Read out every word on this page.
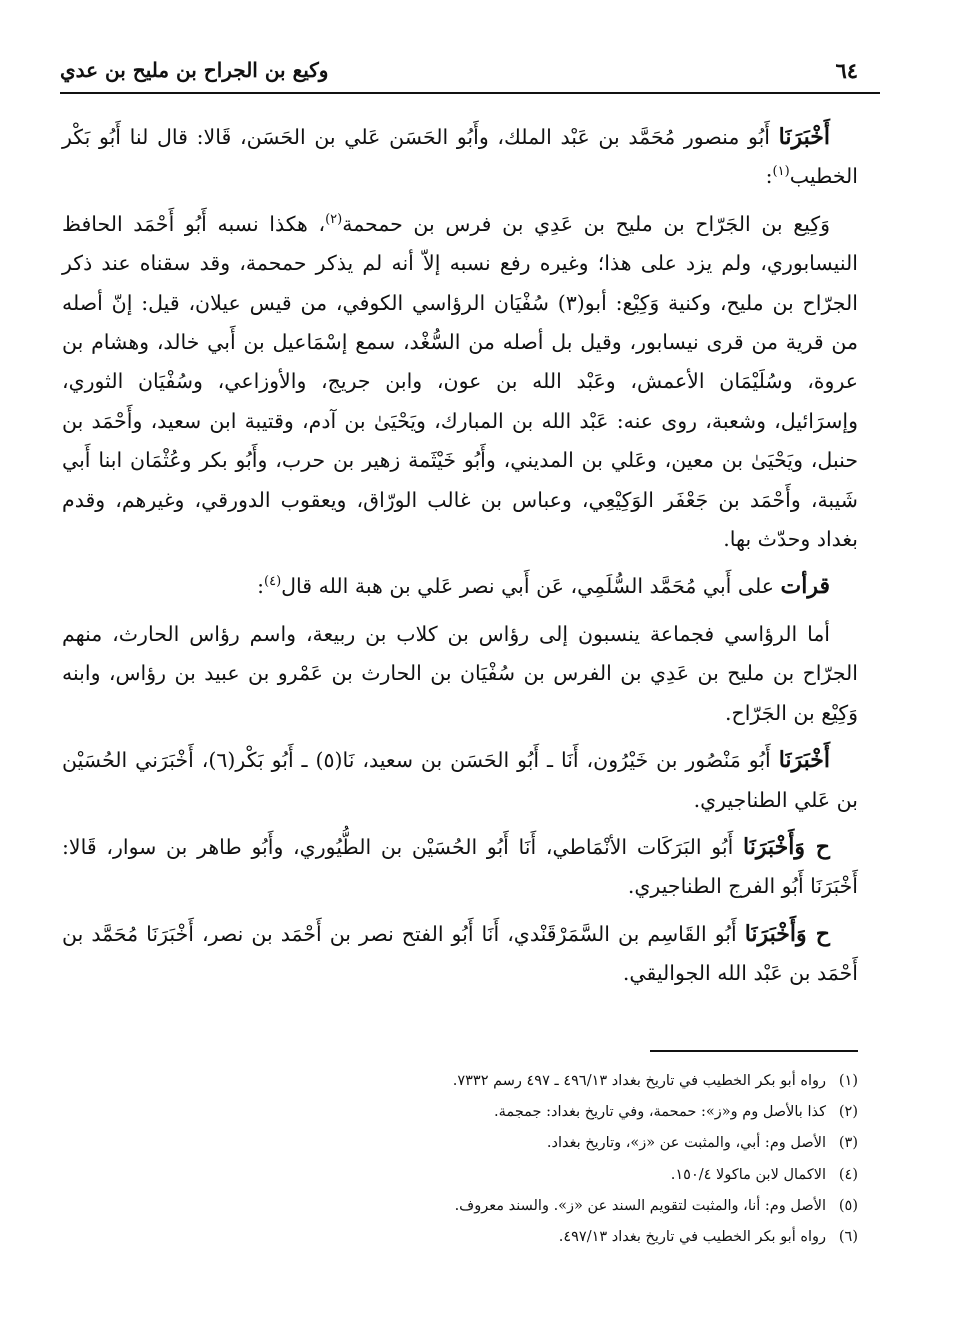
٦٤
وكيع بن الجراح بن مليح بن عدي

أَخْبَرَنَا أَبُو منصور مُحَمَّد بن عَبْد الملك، وأَبُو الحَسَن عَلي بن الحَسَن، قَالا: قال لنا أَبُو بَكْر الخطيب$^{(١)}$:

وَكِيع بن الجَرّاح بن مليح بن عَدِي بن فرس بن حمحمة$^{(٢)}$، هكذا نسبه أَبُو أَحْمَد الحافظ النيسابوري، ولم يزد على هذا؛ وغيره رفع نسبه إلاّ أنه لم يذكر حمحمة، وقد سقناه عند ذكر الجرّاح بن مليح، وكنية وَكِيْع: أبو(٣) سُفْيَان الرؤاسي الكوفي، من قيس عيلان، قيل: إنّ أصله من قرية من قرى نيسابور، وقيل بل أصله من السُّغْد، سمع إسْمَاعيل بن أَبي خالد، وهشام بن عروة، وسُلَيْمَان الأعمش، وعَبْد الله بن عون، وابن جريج، والأوزاعي، وسُفْيَان الثوري، وإسرَائيل، وشعبة، روى عنه: عَبْد الله بن المبارك، ويَحْيَىٰ بن آدم، وقتيبة ابن سعيد، وأَحْمَد بن حنبل، ويَحْيَىٰ بن معين، وعَلي بن المديني، وأَبُو خَيْثَمة زهير بن حرب، وأَبُو بكر وعُثْمَان ابنا أَبي شَيبة، وأَحْمَد بن جَعْفَر الوَكِيْعِي، وعباس بن غالب الورّاق، ويعقوب الدورقي، وغيرهم، وقدم بغداد وحدّث بها.

قرأت على أَبي مُحَمَّد السُّلَمِي، عَن أَبي نصر عَلي بن هبة الله قال$^{(٤)}$:

أما الرؤاسي فجماعة ينسبون إلى رؤاس بن كلاب بن ربيعة، واسم رؤاس الحارث، منهم الجرّاح بن مليح بن عَدِي بن الفرس بن سُفْيَان بن الحارث بن عَمْرو بن عبيد بن رؤاس، وابنه وَكِيْع بن الجَرّاح.

أَخْبَرَنَا أَبُو مَنْصُور بن خَيْرُون، أَنَا ـ أَبُو الحَسَن بن سعيد، نَا(٥) ـ أَبُو بَكْر(٦)، أَخْبَرَني الحُسَيْن بن عَلي الطناجيري.

ح وَأَخْبَرَنَا أَبُو البَرَكَات الأنْمَاطي، أَنَا أَبُو الحُسَيْن بن الطُّيُوري، وأَبُو طاهر بن سوار، قَالا: أَخْبَرَنَا أَبُو الفرج الطناجيري.

ح وَأَخْبَرَنَا أَبُو القَاسِم بن السَّمَرْقَنْدي، أَنَا أَبُو الفتح نصر بن أَحْمَد بن نصر، أَخْبَرَنَا مُحَمَّد بن أَحْمَد بن عَبْد الله الجواليقي.

(١)رواه أبو بكر الخطيب في تاريخ بغداد ٤٩٦/١٣ ـ ٤٩٧ رسم ٧٣٣٢.
(٢)كذا بالأصل وم و«ز»: حمحمة، وفي تاريخ بغداد: جمجمة.
(٣)الأصل وم: أبي، والمثبت عن «ز»، وتاريخ بغداد.
(٤)الاكمال لابن ماكولا ١٥٠/٤.
(٥)الأصل وم: أنا، والمثبت لتقويم السند عن «ز». والسند معروف.
(٦)رواه أبو بكر الخطيب في تاريخ بغداد ٤٩٧/١٣.
